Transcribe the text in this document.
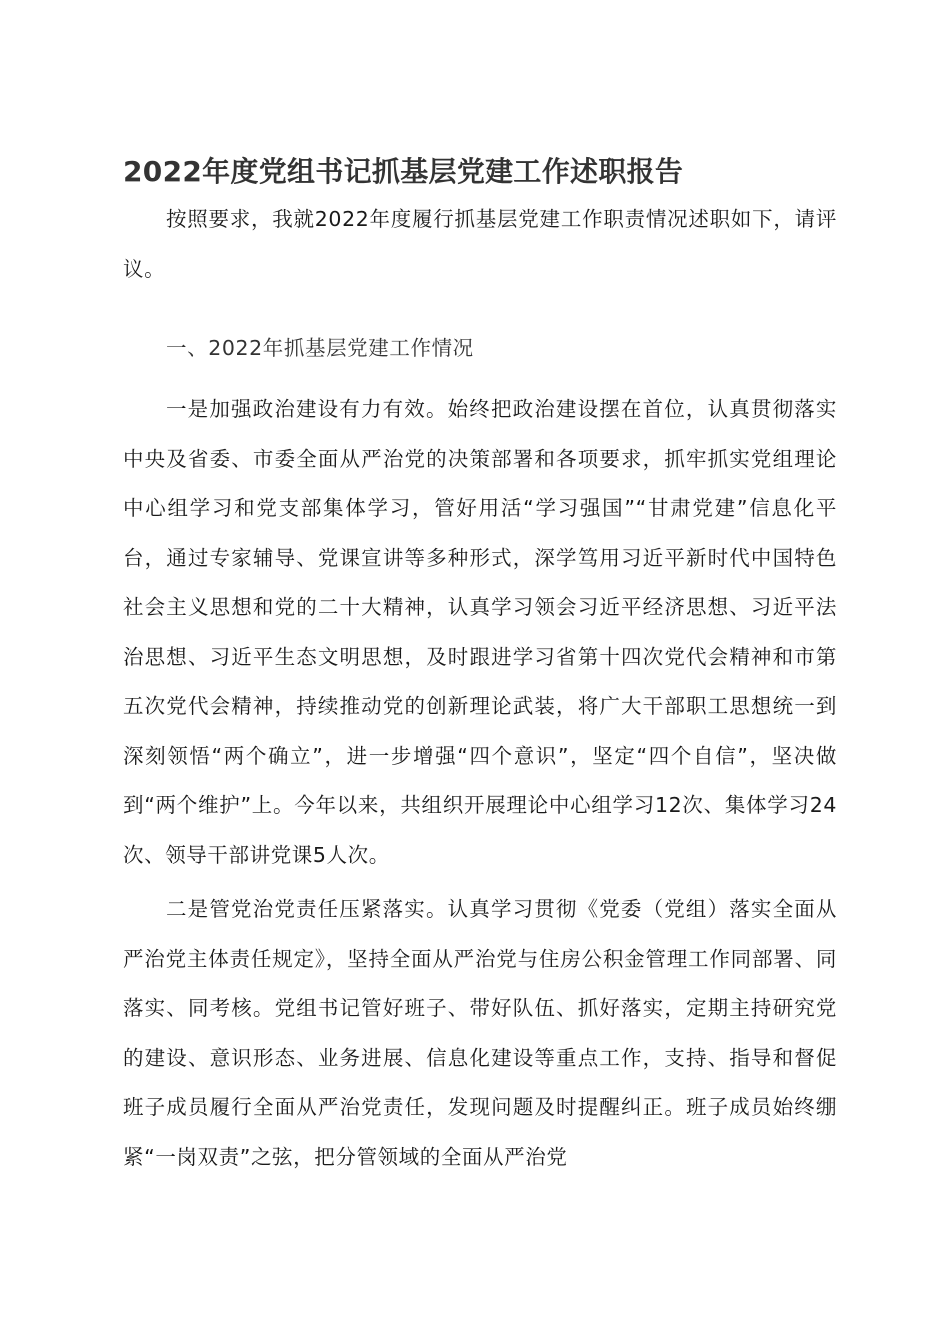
2022年度党组书记抓基层党建工作述职报告

按照要求，我就2022年度履行抓基层党建工作职责情况述职如下，请评议。

一、2022年抓基层党建工作情况

一是加强政治建设有力有效。始终把政治建设摆在首位，认真贯彻落实中央及省委、市委全面从严治党的决策部署和各项要求，抓牢抓实党组理论中心组学习和党支部集体学习，管好用活“学习强国”“甘肃党建”信息化平台，通过专家辅导、党课宣讲等多种形式，深学笃用习近平新时代中国特色社会主义思想和党的二十大精神，认真学习领会习近平经济思想、习近平法治思想、习近平生态文明思想，及时跟进学习省第十四次党代会精神和市第五次党代会精神，持续推动党的创新理论武装，将广大干部职工思想统一到深刻领悟“两个确立”，进一步增强“四个意识”，坚定“四个自信”，坚决做到“两个维护”上。今年以来，共组织开展理论中心组学习12次、集体学习24次、领导干部讲党课5人次。

二是管党治党责任压紧落实。认真学习贯彻《党委（党组）落实全面从严治党主体责任规定》，坚持全面从严治党与住房公积金管理工作同部署、同落实、同考核。党组书记管好班子、带好队伍、抓好落实，定期主持研究党的建设、意识形态、业务进展、信息化建设等重点工作，支持、指导和督促班子成员履行全面从严治党责任，发现问题及时提醒纠正。班子成员始终绷紧“一岗双责”之弦，把分管领域的全面从严治党
